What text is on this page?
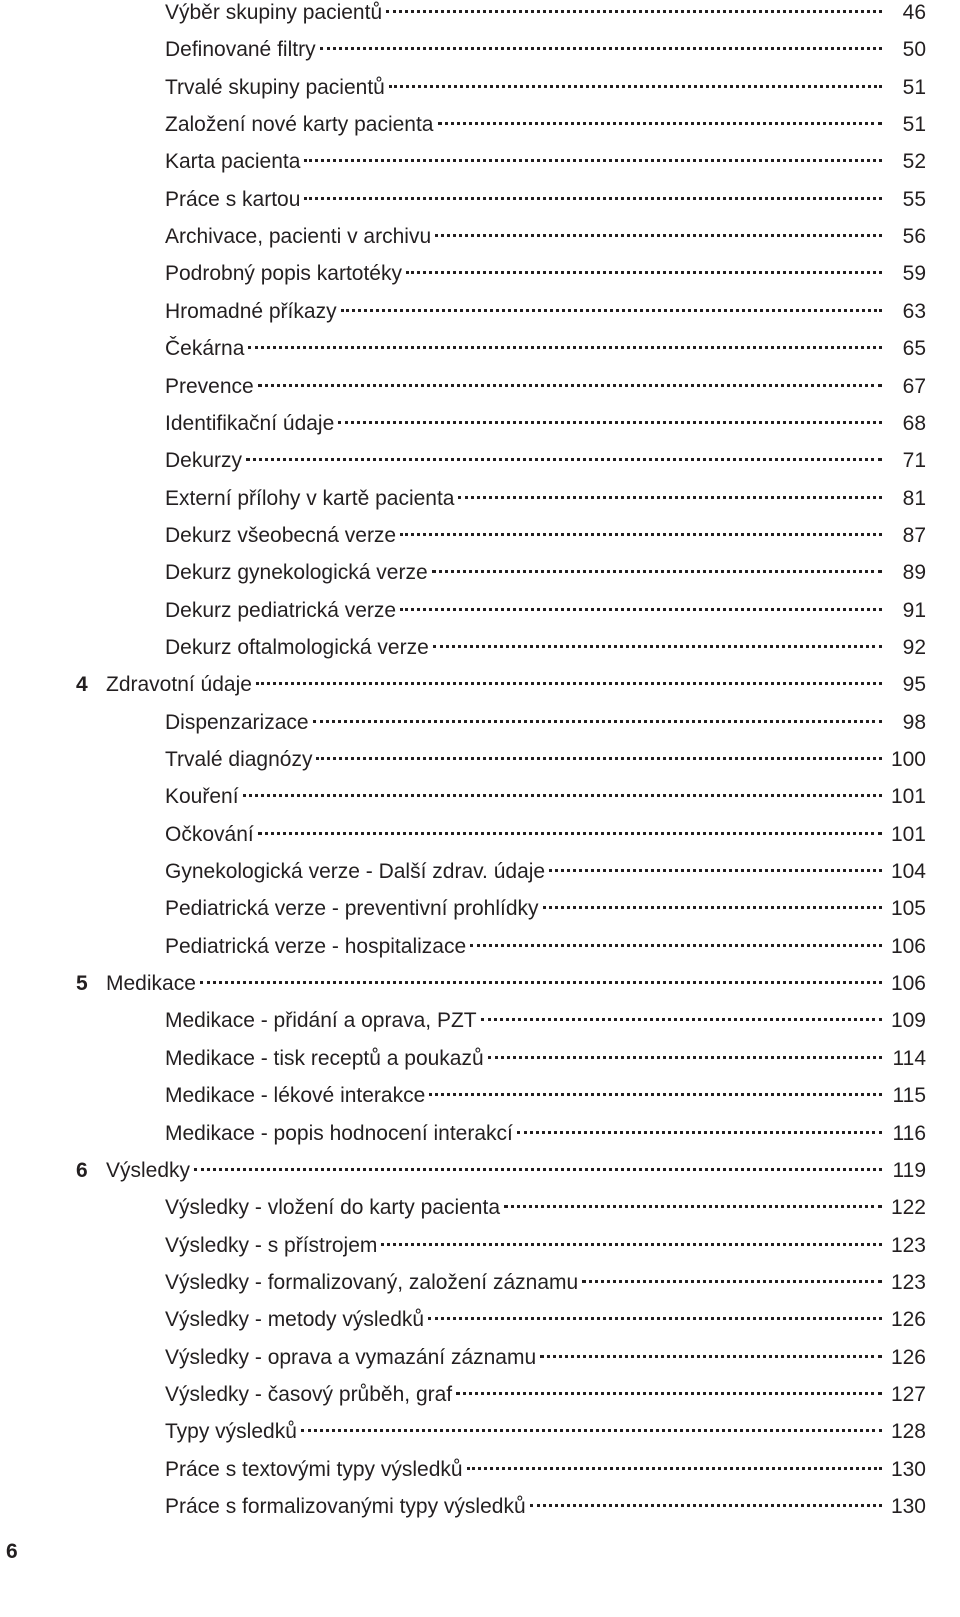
Výběr skupiny pacientů	46
Definované filtry	50
Trvalé skupiny pacientů	51
Založení nové karty pacienta	51
Karta pacienta	52
Práce s kartou	55
Archivace, pacienti v archivu	56
Podrobný popis kartotéky	59
Hromadné příkazy	63
Čekárna	65
Prevence	67
Identifikační údaje	68
Dekurzy	71
Externí přílohy v kartě pacienta	81
Dekurz všeobecná verze	87
Dekurz gynekologická verze	89
Dekurz pediatrická verze	91
Dekurz oftalmologická verze	92
4 Zdravotní údaje	95
Dispenzarizace	98
Trvalé diagnózy	100
Kouření	101
Očkování	101
Gynekologická verze - Další zdrav. údaje	104
Pediatrická verze - preventivní prohlídky	105
Pediatrická verze - hospitalizace	106
5 Medikace	106
Medikace - přidání a oprava, PZT	109
Medikace - tisk receptů a poukazů	114
Medikace - lékové interakce	115
Medikace - popis hodnocení interakcí	116
6 Výsledky	119
Výsledky - vložení do karty pacienta	122
Výsledky - s přístrojem	123
Výsledky - formalizovaný, založení záznamu	123
Výsledky - metody výsledků	126
Výsledky - oprava a vymazání záznamu	126
Výsledky - časový průběh, graf	127
Typy výsledků	128
Práce s textovými typy výsledků	130
Práce s formalizovanými typy výsledků	130
6
